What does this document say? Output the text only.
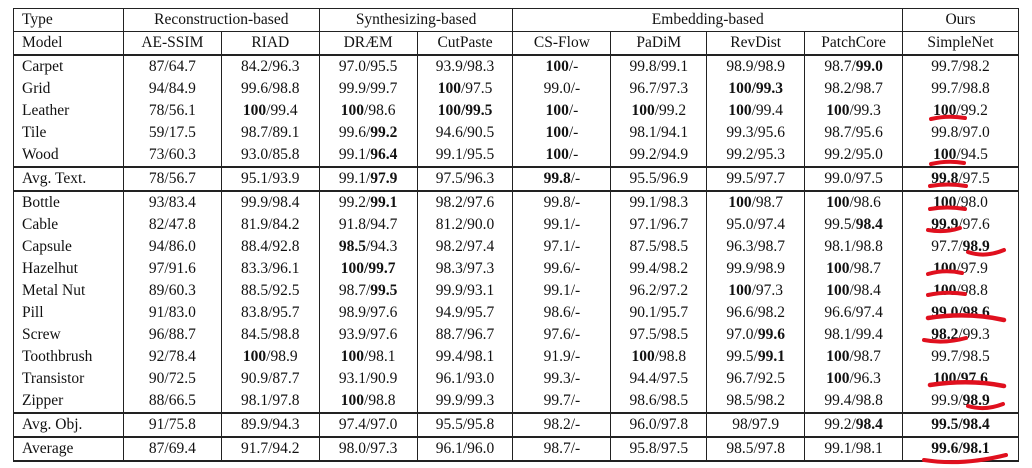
Type	Reconstruction-based		Synthesizing-based		Embedding-based				Ours
Model	AE-SSIM	RIAD	DRÆM	CutPaste	CS-Flow	PaDiM	RevDist	PatchCore	SimpleNet
Carpet	87/64.7	84.2/96.3	97.0/95.5	93.9/98.3	100/-	99.8/99.1	98.9/98.9	98.7/99.0	99.7/98.2
Grid	94/84.9	99.6/98.8	99.9/99.7	100/97.5	99.0/-	96.7/97.3	100/99.3	98.2/98.7	99.7/98.8
Leather	78/56.1	100/99.4	100/98.6	100/99.5	100/-	100/99.2	100/99.4	100/99.3	100/99.2
Tile	59/17.5	98.7/89.1	99.6/99.2	94.6/90.5	100/-	98.1/94.1	99.3/95.6	98.7/95.6	99.8/97.0
Wood	73/60.3	93.0/85.8	99.1/96.4	99.1/95.5	100/-	99.2/94.9	99.2/95.3	99.2/95.0	100/94.5
Avg. Text.	78/56.7	95.1/93.9	99.1/97.9	97.5/96.3	99.8/-	95.5/96.9	99.5/97.7	99.0/97.5	99.8/97.5
Bottle	93/83.4	99.9/98.4	99.2/99.1	98.2/97.6	99.8/-	99.1/98.3	100/98.7	100/98.6	100/98.0
Cable	82/47.8	81.9/84.2	91.8/94.7	81.2/90.0	99.1/-	97.1/96.7	95.0/97.4	99.5/98.4	99.9/97.6
Capsule	94/86.0	88.4/92.8	98.5/94.3	98.2/97.4	97.1/-	87.5/98.5	96.3/98.7	98.1/98.8	97.7/98.9
Hazelhut	97/91.6	83.3/96.1	100/99.7	98.3/97.3	99.6/-	99.4/98.2	99.9/98.9	100/98.7	100/97.9
Metal Nut	89/60.3	88.5/92.5	98.7/99.5	99.9/93.1	99.1/-	96.2/97.2	100/97.3	100/98.4	100/98.8
Pill	91/83.0	83.8/95.7	98.9/97.6	94.9/95.7	98.6/-	90.1/95.7	96.6/98.2	96.6/97.4	99.0/98.6
Screw	96/88.7	84.5/98.8	93.9/97.6	88.7/96.7	97.6/-	97.5/98.5	97.0/99.6	98.1/99.4	98.2/99.3
Toothbrush	92/78.4	100/98.9	100/98.1	99.4/98.1	91.9/-	100/98.8	99.5/99.1	100/98.7	99.7/98.5
Transistor	90/72.5	90.9/87.7	93.1/90.9	96.1/93.0	99.3/-	94.4/97.5	96.7/92.5	100/96.3	100/97.6
Zipper	88/66.5	98.1/97.8	100/98.8	99.9/99.3	99.7/-	98.6/98.5	98.5/98.2	99.4/98.8	99.9/98.9
Avg. Obj.	91/75.8	89.9/94.3	97.4/97.0	95.5/95.8	98.2/-	96.0/97.8	98/97.9	99.2/98.4	99.5/98.4
Average	87/69.4	91.7/94.2	98.0/97.3	96.1/96.0	98.7/-	95.8/97.5	98.5/97.8	99.1/98.1	99.6/98.1
